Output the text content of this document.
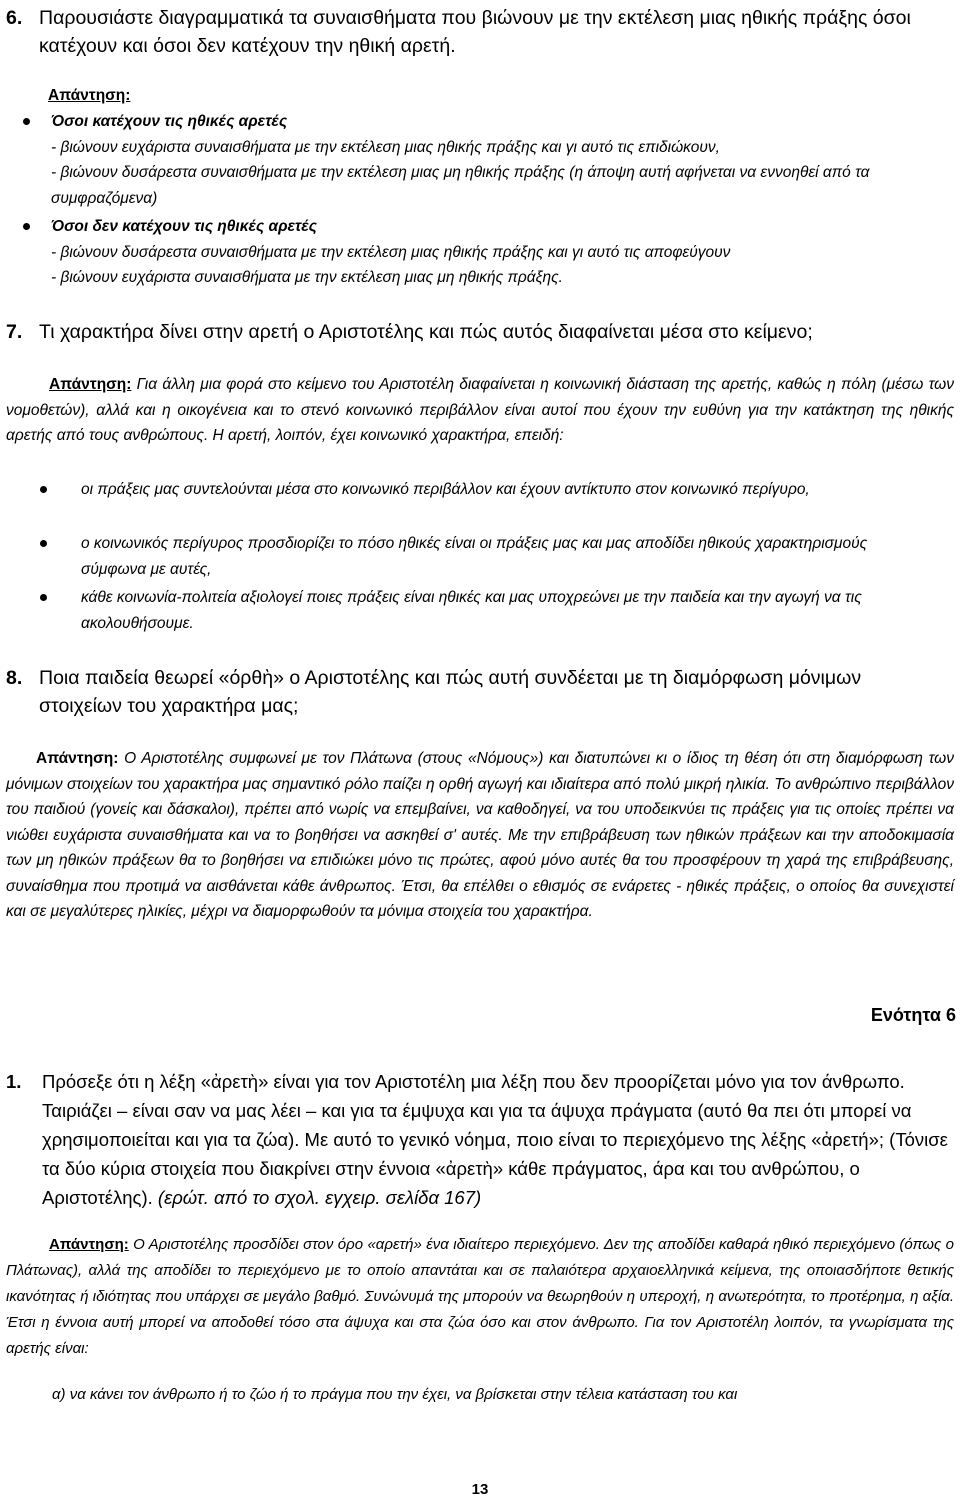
6. Παρουσιάστε διαγραμματικά τα συναισθήματα που βιώνουν με την εκτέλεση μιας ηθικής πράξης όσοι κατέχουν και όσοι δεν κατέχουν την ηθική αρετή.
Απάντηση:
Όσοι κατέχουν τις ηθικές αρετές
- βιώνουν ευχάριστα συναισθήματα με την εκτέλεση μιας ηθικής πράξης και γι αυτό τις επιδιώκουν,
- βιώνουν δυσάρεστα συναισθήματα με την εκτέλεση μιας μη ηθικής πράξης (η άποψη αυτή αφήνεται να εννοηθεί από τα συμφραζόμενα)
Όσοι δεν κατέχουν τις ηθικές αρετές
- βιώνουν δυσάρεστα συναισθήματα με την εκτέλεση μιας ηθικής πράξης και γι αυτό τις αποφεύγουν
- βιώνουν ευχάριστα συναισθήματα με την εκτέλεση μιας μη ηθικής πράξης.
7. Τι χαρακτήρα δίνει στην αρετή ο Αριστοτέλης και πώς αυτός διαφαίνεται μέσα στο κείμενο;
Απάντηση: Για άλλη μια φορά στο κείμενο του Αριστοτέλη διαφαίνεται η κοινωνική διάσταση της αρετής, καθώς η πόλη (μέσω των νομοθετών), αλλά και η οικογένεια και το στενό κοινωνικό περιβάλλον είναι αυτοί που έχουν την ευθύνη για την κατάκτηση της ηθικής αρετής από τους ανθρώπους. Η αρετή, λοιπόν, έχει κοινωνικό χαρακτήρα, επειδή:
οι πράξεις μας συντελούνται μέσα στο κοινωνικό περιβάλλον και έχουν αντίκτυπο στον κοινωνικό περίγυρο,
ο κοινωνικός περίγυρος προσδιορίζει το πόσο ηθικές είναι οι πράξεις μας και μας αποδίδει ηθικούς χαρακτηρισμούς σύμφωνα με αυτές,
κάθε κοινωνία-πολιτεία αξιολογεί ποιες πράξεις είναι ηθικές και μας υποχρεώνει με την παιδεία και την αγωγή να τις ακολουθήσουμε.
8. Ποια παιδεία θεωρεί «όρθὴ» ο Αριστοτέλης και πώς αυτή συνδέεται με τη διαμόρφωση μόνιμων στοιχείων του χαρακτήρα μας;
Απάντηση: Ο Αριστοτέλης συμφωνεί με τον Πλάτωνα (στους «Νόμους») και διατυπώνει κι ο ίδιος τη θέση ότι στη διαμόρφωση των μόνιμων στοιχείων του χαρακτήρα μας σημαντικό ρόλο παίζει η ορθή αγωγή και ιδιαίτερα από πολύ μικρή ηλικία. Το ανθρώπινο περιβάλλον του παιδιού (γονείς και δάσκαλοι), πρέπει από νωρίς να επεμβαίνει, να καθοδηγεί, να του υποδεικνύει τις πράξεις για τις οποίες πρέπει να νιώθει ευχάριστα συναισθήματα και να το βοηθήσει να ασκηθεί σ' αυτές. Με την επιβράβευση των ηθικών πράξεων και την αποδοκιμασία των μη ηθικών πράξεων θα το βοηθήσει να επιδιώκει μόνο τις πρώτες, αφού μόνο αυτές θα του προσφέρουν τη χαρά της επιβράβευσης, συναίσθημα που προτιμά να αισθάνεται κάθε άνθρωπος. Έτσι, θα επέλθει ο εθισμός σε ενάρετες - ηθικές πράξεις, ο οποίος θα συνεχιστεί και σε μεγαλύτερες ηλικίες, μέχρι να διαμορφωθούν τα μόνιμα στοιχεία του χαρακτήρα.
Ενότητα 6
1. Πρόσεξε ότι η λέξη «ἀρετὴ» είναι για τον Αριστοτέλη μια λέξη που δεν προορίζεται μόνο για τον άνθρωπο. Ταιριάζει – είναι σαν να μας λέει – και για τα έμψυχα και για τα άψυχα πράγματα (αυτό θα πει ότι μπορεί να χρησιμοποιείται και για τα ζώα). Με αυτό το γενικό νόημα, ποιο είναι το περιεχόμενο της λέξης «ἀρετή»; (Τόνισε τα δύο κύρια στοιχεία που διακρίνει στην έννοια «ἀρετὴ» κάθε πράγματος, άρα και του ανθρώπου, ο Αριστοτέλης). (ερώτ. από το σχολ. εγχειρ. σελίδα 167)
Απάντηση: Ο Αριστοτέλης προσδίδει στον όρο «αρετή» ένα ιδιαίτερο περιεχόμενο. Δεν της αποδίδει καθαρά ηθικό περιεχόμενο (όπως ο Πλάτωνας), αλλά της αποδίδει το περιεχόμενο με το οποίο απαντάται και σε παλαιότερα αρχαιοελληνικά κείμενα, της οποιασδήποτε θετικής ικανότητας ή ιδιότητας που υπάρχει σε μεγάλο βαθμό. Συνώνυμά της μπορούν να θεωρηθούν η υπεροχή, η ανωτερότητα, το προτέρημα, η αξία. Έτσι η έννοια αυτή μπορεί να αποδοθεί τόσο στα άψυχα και στα ζώα όσο και στον άνθρωπο. Για τον Αριστοτέλη λοιπόν, τα γνωρίσματα της αρετής είναι:
α) να κάνει τον άνθρωπο ή το ζώο ή το πράγμα που την έχει, να βρίσκεται στην τέλεια κατάσταση του και
13
